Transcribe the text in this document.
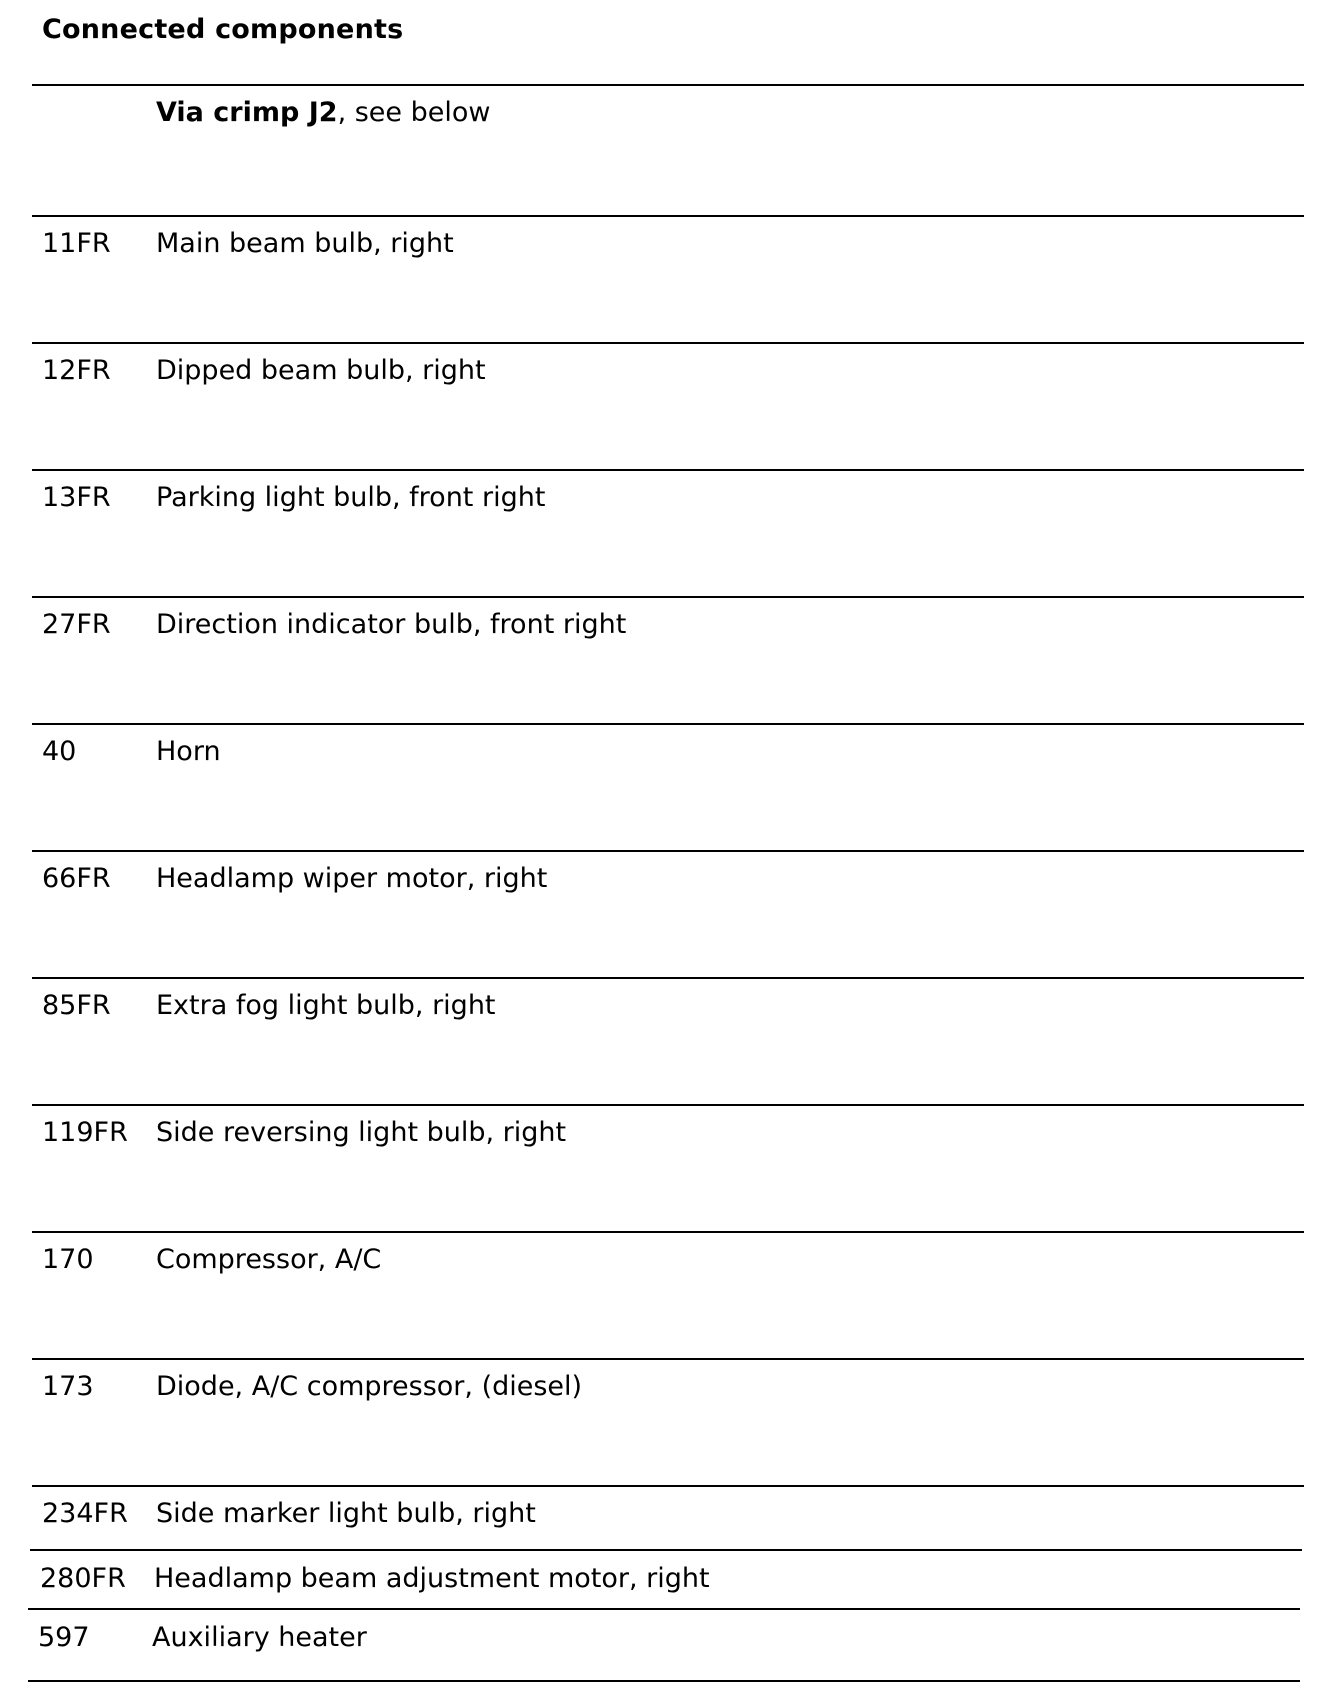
Connected components
Via crimp J2, see below
11FR Main beam bulb, right
12FR Dipped beam bulb, right
13FR Parking light bulb, front right
27FR Direction indicator bulb, front right
40	Horn
66FR Headlamp wiper motor, right
85FR Extra fog light bulb, right
119FR Side reversing light bulb, right
170 Compressor, A/C
173 Diode, A/C compressor, (diesel)
234FR Side marker light bulb, right
280FR Headlamp beam adjustment motor, right
597 Auxiliary heater
